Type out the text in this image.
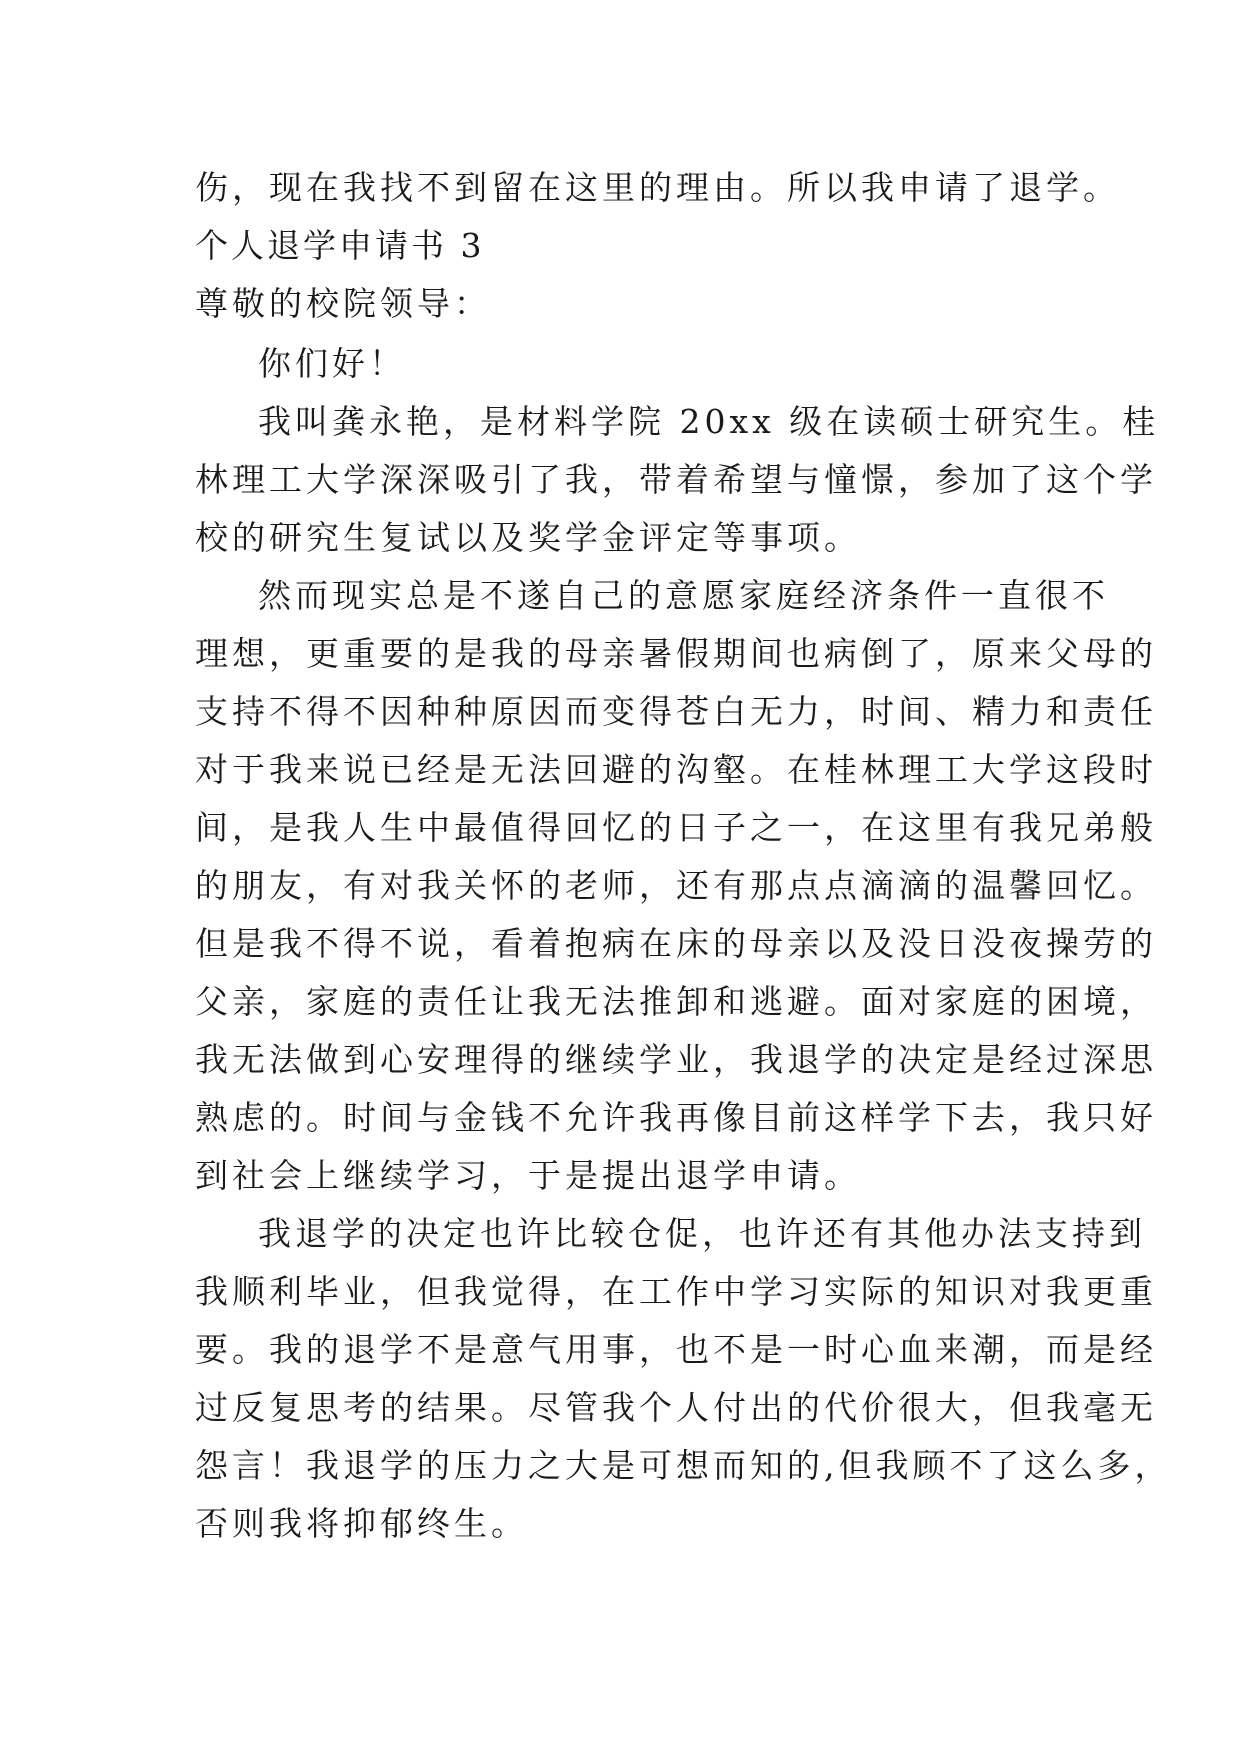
伤，现在我找不到留在这里的理由。所以我申请了退学。
个人退学申请书 3
尊敬的校院领导：
你们好！
我叫龚永艳，是材料学院 20xx 级在读硕士研究生。桂
林理工大学深深吸引了我，带着希望与憧憬，参加了这个学
校的研究生复试以及奖学金评定等事项。
然而现实总是不遂自己的意愿家庭经济条件一直很不
理想，更重要的是我的母亲暑假期间也病倒了，原来父母的
支持不得不因种种原因而变得苍白无力，时间、精力和责任
对于我来说已经是无法回避的沟壑。在桂林理工大学这段时
间，是我人生中最值得回忆的日子之一，在这里有我兄弟般
的朋友，有对我关怀的老师，还有那点点滴滴的温馨回忆。
但是我不得不说，看着抱病在床的母亲以及没日没夜操劳的
父亲，家庭的责任让我无法推卸和逃避。面对家庭的困境，
我无法做到心安理得的继续学业，我退学的决定是经过深思
熟虑的。时间与金钱不允许我再像目前这样学下去，我只好
到社会上继续学习，于是提出退学申请。
我退学的决定也许比较仓促，也许还有其他办法支持到
我顺利毕业，但我觉得，在工作中学习实际的知识对我更重
要。我的退学不是意气用事，也不是一时心血来潮，而是经
过反复思考的结果。尽管我个人付出的代价很大，但我毫无
怨言！我退学的压力之大是可想而知的,但我顾不了这么多，
否则我将抑郁终生。
